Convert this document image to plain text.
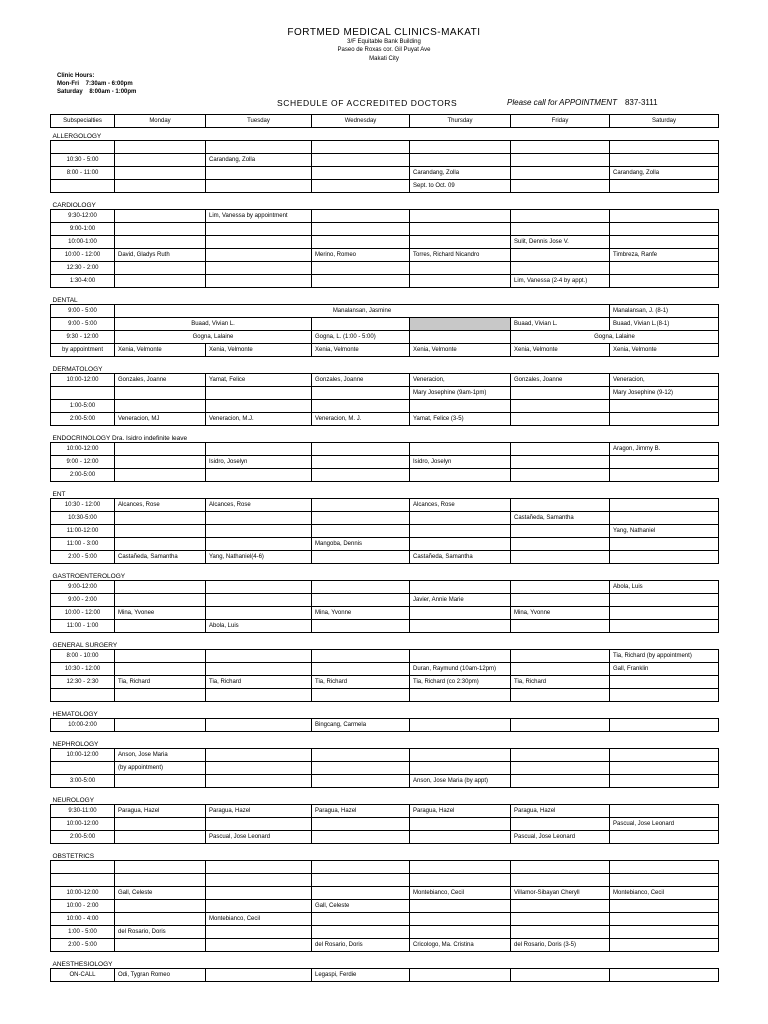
FORTMED MEDICAL CLINICS-MAKATI
3/F Equitable Bank Building
Paseo de Roxas cor. Gil Puyat Ave
Makati City
Clinic Hours:
Mon-Fri    7:30am - 6:00pm
Saturday    8:00am - 1:00pm
SCHEDULE OF ACCREDITED DOCTORS	Please call for APPOINTMENT 837-3111
Subspecialties	Monday	Tuesday	Wednesday	Thursday	Friday	Saturday
ALLERGOLOGY						

10:30 - 5:00		Carandang, Zolla				
8:00 - 11:00				Carandang, Zolla		Carandang, Zolla
				Sept. to Oct. 09		

CARDIOLOGY						
9:30-12:00		Lim, Vanessa by appointment				
9:00-1:00						
10:00-1:00					Sulit, Dennis Jose V.	
10:00 - 12:00	David, Gladys Ruth		Merino, Romeo	Torres, Richard Nicandro		Timbreza, Ranfe
12:30 - 2:00						
1:30-4:00					Lim, Vanessa (2-4 by appt.)	

DENTAL						
9:00 - 5:00	Manalansan, Jasmine					Manalansan, J. (8-1)
9:00 - 5:00	Buaad, Vivian L.				Buaad, Vivian L.	Buaad, Vivian L.(8-1)
9:30 - 12:00	Gogna, Lalaine		Gogna, L. (1:00 - 5:00)		Gogna, Lalaine	
by appointment	Xenia, Velmonte	Xenia, Velmonte	Xenia, Velmonte	Xenia, Velmonte	Xenia, Velmonte	Xenia, Velmonte

DERMATOLOGY						
10:00-12:00	Gonzales, Joanne	Yamat, Felice	Gonzales, Joanne	Veneracion,	Gonzales, Joanne	Veneracion,
				Mary Josephine (9am-1pm)		Mary Josephine (9-12)
1:00-5:00						
2:00-5:00	Veneracion, MJ	Veneracion, M.J.	Veneracion, M. J.	Yamat, Felice (3-5)		

ENDOCRINOLOGY Dra. Isidro indefinite leave						
10:00-12:00						Aragon, Jimmy B.
9:00 - 12:00		Isidro, Joselyn		Isidro, Joselyn		
2:00-5:00						

ENT						
10:30 - 12:00	Alcances, Rose	Alcances, Rose		Alcances, Rose		
10:30-5:00					Castañeda, Samantha	
11:00-12:00						Yang, Nathaniel
11:00 - 3:00			Mangoba, Dennis			
2:00 - 5:00	Castañeda, Samantha	Yang, Nathaniel(4-6)		Castañeda, Samantha		

GASTROENTEROLOGY						
9:00-12:00						Abola, Luis
9:00 - 2:00				Javier, Annie Marie		
10:00 - 12:00	Mina, Yvonee		Mina, Yvonne		Mina, Yvonne	
11:00 - 1:00		Abola, Luis				

GENERAL SURGERY						
8:00 - 10:00						Tia, Richard (by appointment)
10:30 - 12:00				Duran, Raymund (10am-12pm)		Gall, Franklin
12:30 - 2:30	Tia, Richard	Tia, Richard	Tia, Richard	Tia, Richard (co 2:30pm)	Tia, Richard	

HEMATOLOGY						
10:00-2:00			Bingcang, Carmela			

NEPHROLOGY						
10:00-12:00	Anson, Jose Maria					
	(by appointment)					
3:00-5:00				Anson, Jose Maria (by appt)		

NEUROLOGY						
9:30-11:00	Paragua, Hazel	Paragua, Hazel	Paragua, Hazel	Paragua, Hazel	Paragua, Hazel	
10:00-12:00						Pascual, Jose Leonard
2:00-5:00		Pascual, Jose Leonard			Pascual, Jose Leonard	

OBSTETRICS						

10:00-12:00	Gall, Celeste			Montebianco, Cecil	Villamor-Sibayan Cheryll	Montebianco, Cecil
10:00 - 2:00			Gall, Celeste			
10:00 - 4:00		Montebianco, Cecil				
1:00 - 5:00	del Rosario, Doris					
2:00 - 5:00			del Rosario, Doris	Cricologo, Ma. Cristina	del Rosario, Doris (3-5)	

ANESTHESIOLOGY						
ON-CALL	Odi, Tygran Romeo		Legaspi, Ferdie			
